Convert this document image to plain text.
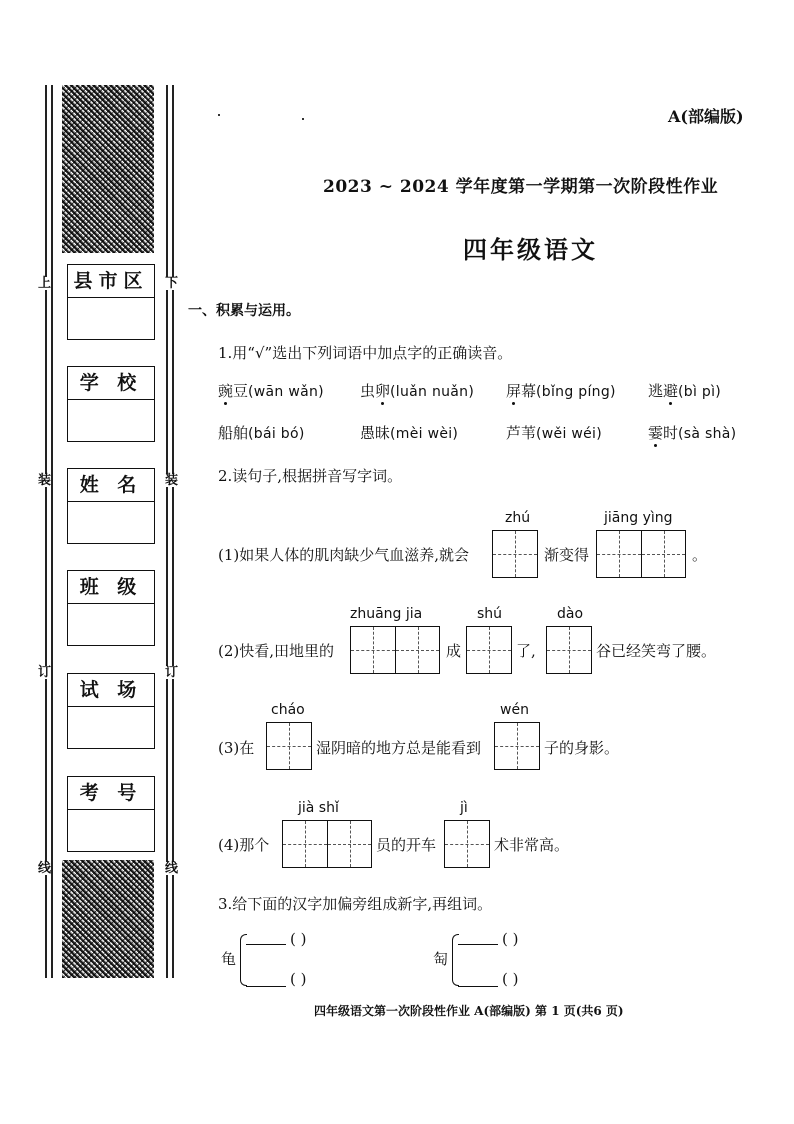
上	下
装	装
订	订
线	线
县市区
学 校
姓 名
班 级
试 场
考 号
A(部编版)
2023 ~ 2024 学年度第一学期第一次阶段性作业
四年级语文
一、积累与运用。
1.用“√”选出下列词语中加点字的正确读音。
豌豆(wān wǎn) 虫卵(luǎn nuǎn) 屏幕(bǐng píng) 逃避(bì pì)
船舶(bái bó)	愚昧(mèi wèi)	芦苇(wěi wéi)	霎时(sà shà)
2.读句子,根据拼音写字词。
(1)如果人体的肌肉缺少气血滋养,就会
zhú
渐变得
jiāng yìng
。
(2)快看,田地里的
zhuāng jia
成
shú
了,
dào
谷已经笑弯了腰。
(3)在
cháo
湿阴暗的地方总是能看到
wén
子的身影。
(4)那个
jià shǐ
员的开车
jì
术非常高。
3.给下面的汉字加偏旁组成新字,再组词。
龟
( )
( )
匋
( )
( )
四年级语文第一次阶段性作业 A(部编版) 第 1 页(共6 页)
